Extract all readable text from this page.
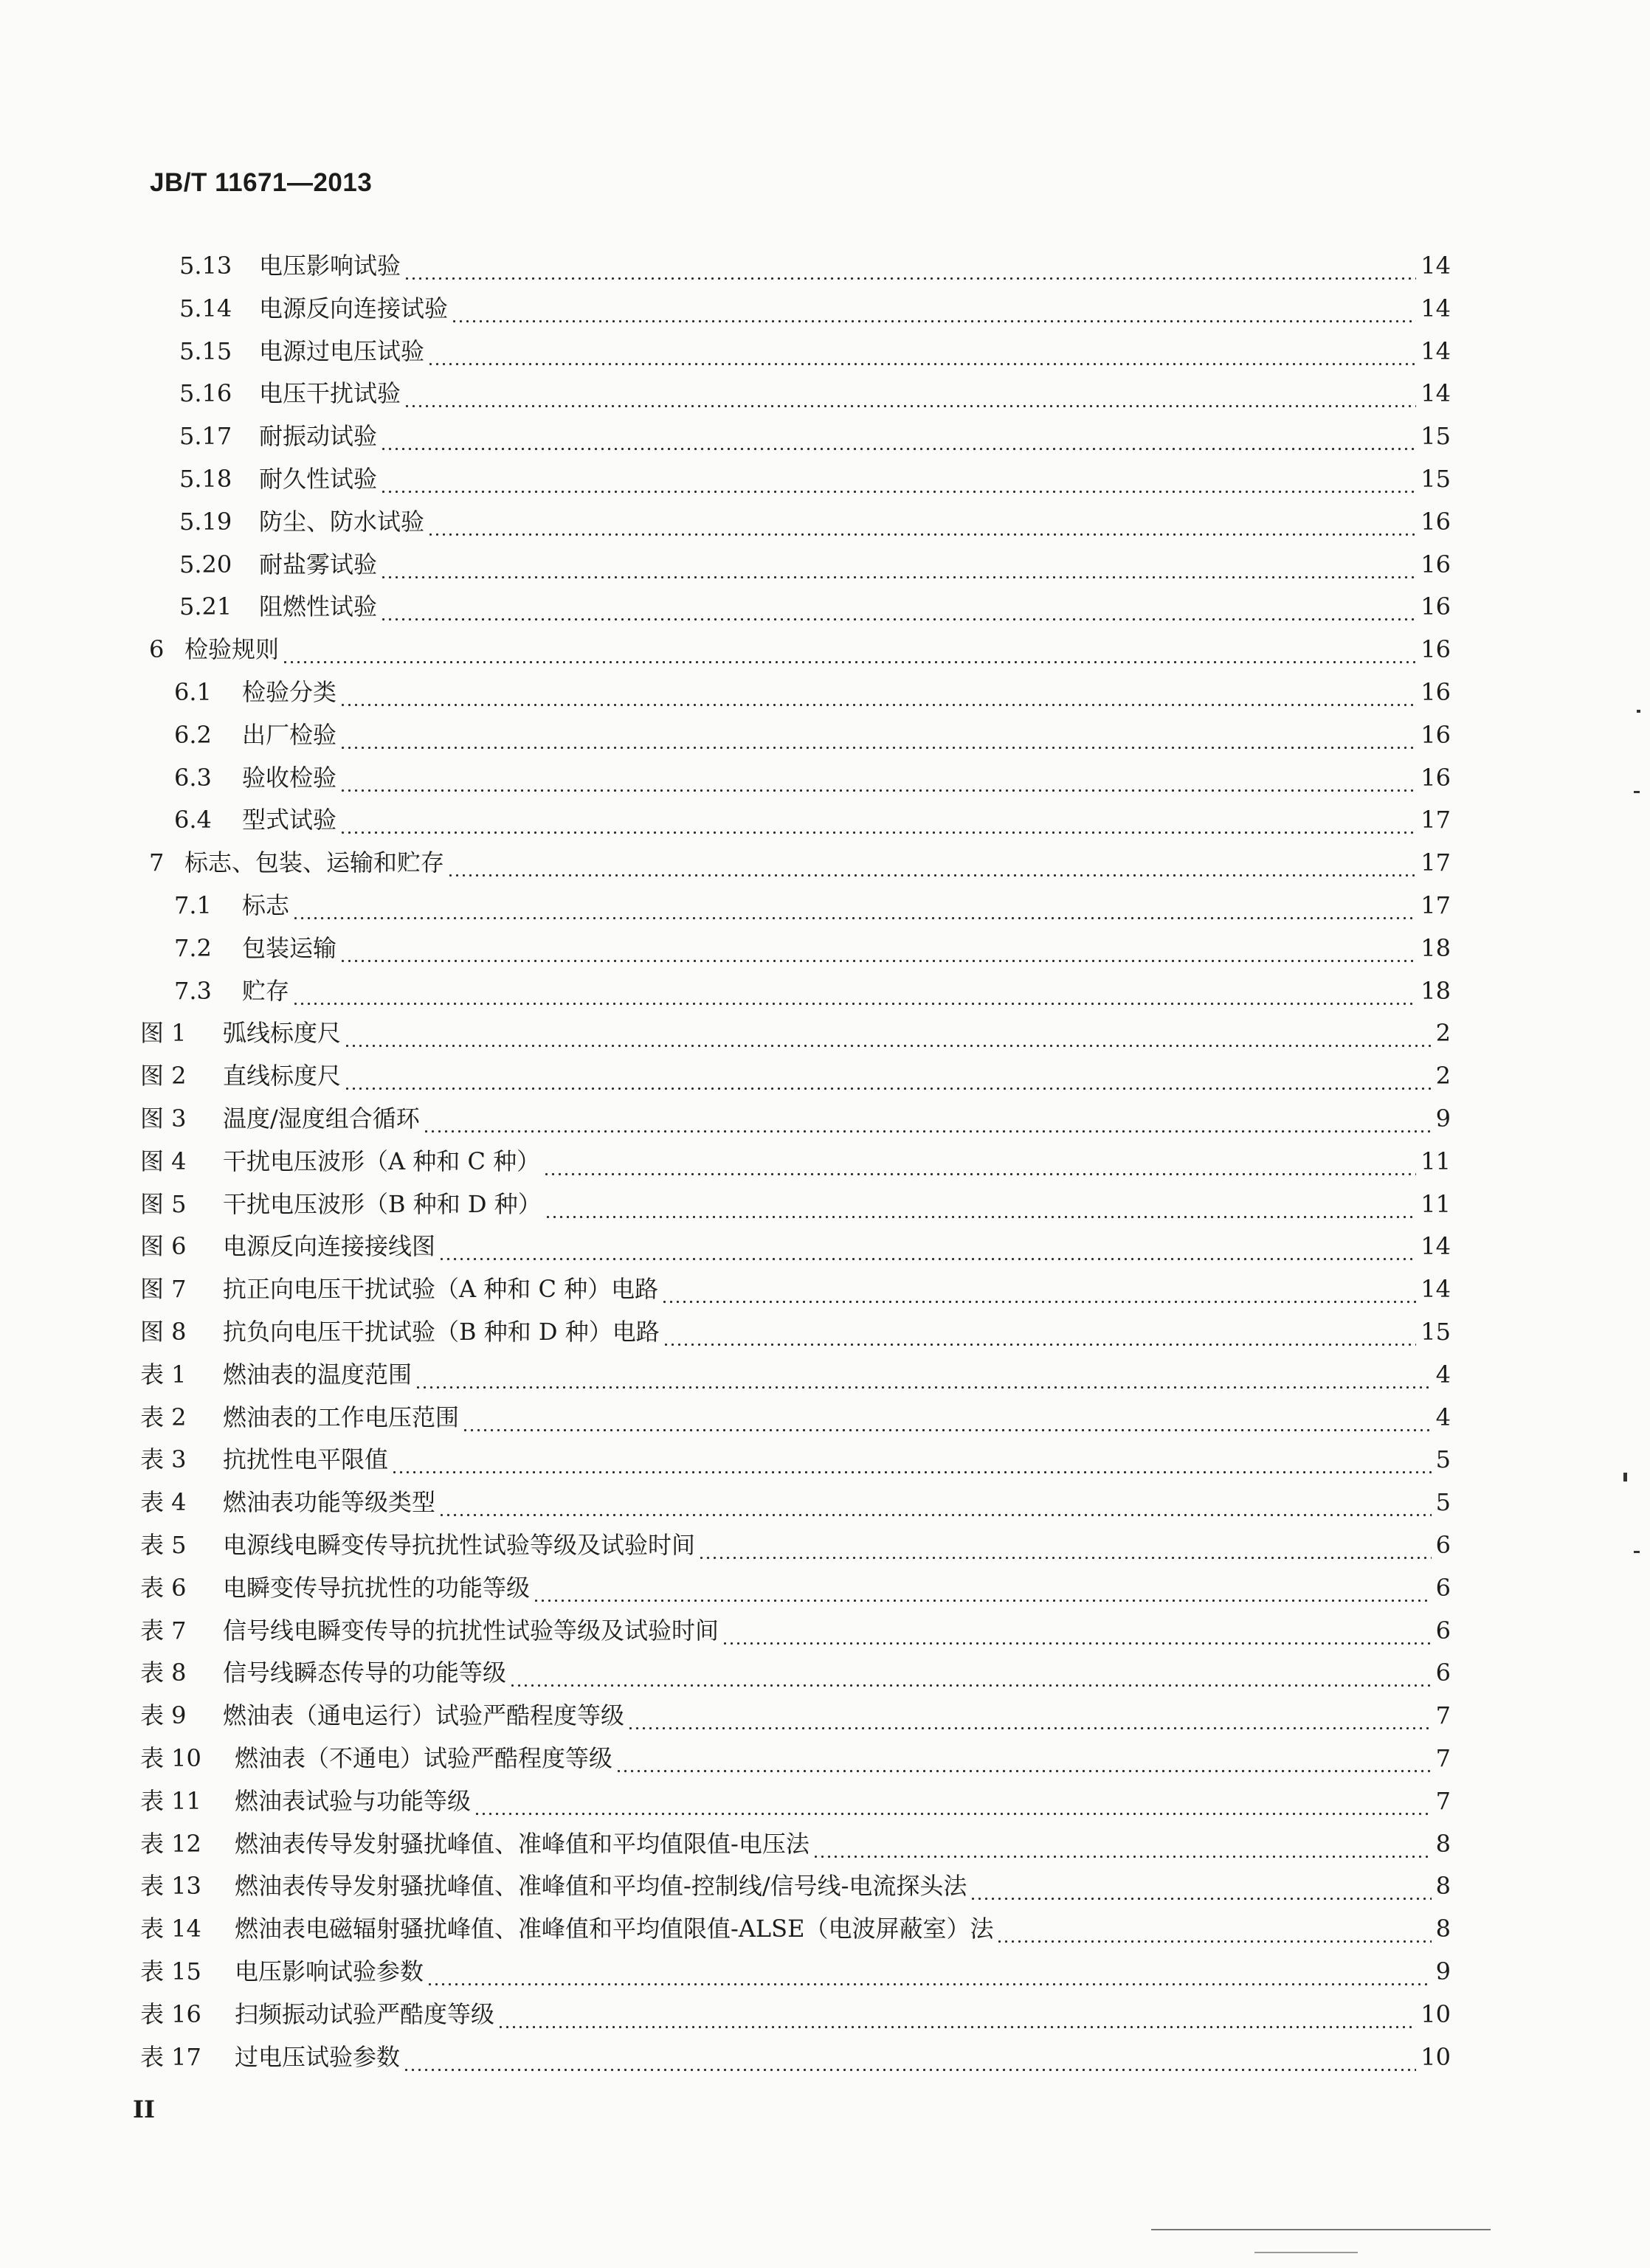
JB/T 11671—2013
5.13	电压影响试验	14
5.14	电源反向连接试验	14
5.15	电源过电压试验	14
5.16	电压干扰试验	14
5.17	耐振动试验	15
5.18	耐久性试验	15
5.19	防尘、防水试验	16
5.20	耐盐雾试验	16
5.21	阻燃性试验	16
6 检验规则	16
6.1	检验分类	16
6.2	出厂检验	16
6.3	验收检验	16
6.4	型式试验	17
7 标志、包装、运输和贮存	17
7.1	标志	17
7.2	包装运输	18
7.3	贮存	18
图 1	弧线标度尺	2
图 2	直线标度尺	2
图 3	温度/湿度组合循环	9
图 4	干扰电压波形（A 种和 C 种）	11
图 5	干扰电压波形（B 种和 D 种）	11
图 6	电源反向连接接线图	14
图 7	抗正向电压干扰试验（A 种和 C 种）电路	14
图 8	抗负向电压干扰试验（B 种和 D 种）电路	15
表 1	燃油表的温度范围	4
表 2	燃油表的工作电压范围	4
表 3	抗扰性电平限值	5
表 4	燃油表功能等级类型	5
表 5	电源线电瞬变传导抗扰性试验等级及试验时间	6
表 6	电瞬变传导抗扰性的功能等级	6
表 7	信号线电瞬变传导的抗扰性试验等级及试验时间	6
表 8	信号线瞬态传导的功能等级	6
表 9	燃油表（通电运行）试验严酷程度等级	7
表 10	燃油表（不通电）试验严酷程度等级	7
表 11	燃油表试验与功能等级	7
表 12	燃油表传导发射骚扰峰值、准峰值和平均值限值-电压法	8
表 13	燃油表传导发射骚扰峰值、准峰值和平均值-控制线/信号线-电流探头法	8
表 14	燃油表电磁辐射骚扰峰值、准峰值和平均值限值-ALSE（电波屏蔽室）法	8
表 15	电压影响试验参数	9
表 16	扫频振动试验严酷度等级	10
表 17	过电压试验参数	10
II
